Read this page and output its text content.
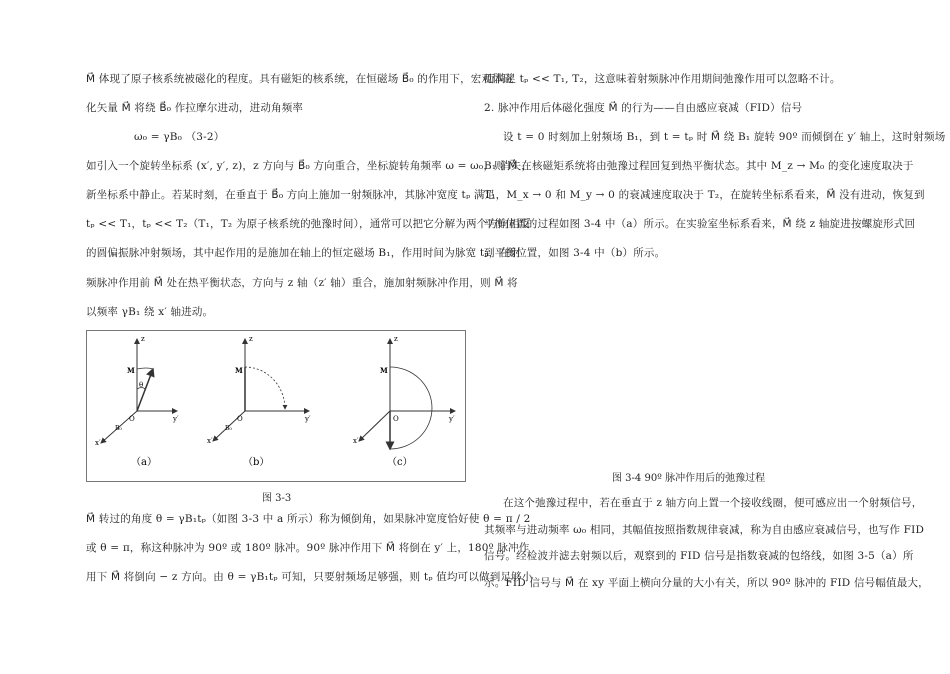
M⃗ 体现了原子核系统被磁化的程度。具有磁矩的核系统，在恒磁场 B⃗₀ 的作用下，宏观体磁
化矢量 M⃗ 将绕 B⃗₀ 作拉摩尔进动，进动角频率
ω₀ = γB₀ （3-2）
如引入一个旋转坐标系 (x′, y′, z)，z 方向与 B⃗₀ 方向重合，坐标旋转角频率 ω = ω₀，则 M⃗ 在
新坐标系中静止。若某时刻，在垂直于 B⃗₀ 方向上施加一射频脉冲，其脉冲宽度 tₚ 满足
tₚ << T₁，tₚ << T₂（T₁，T₂ 为原子核系统的弛豫时间），通常可以把它分解为两个方向相反
的圆偏振脉冲射频场，其中起作用的是施加在轴上的恒定磁场 B₁，作用时间为脉宽 tₚ，在射
频脉冲作用前 M⃗ 处在热平衡状态，方向与 z 轴（z′ 轴）重合，施加射频脉冲作用，则 M⃗ 将
以频率 γB₁ 绕 x′ 轴进动。
z
y′
x′
O
M
θ
B₀
z
y′
x′
O
M
B₀
z
y′
x′
O
M
（a）	（b）	（c）
图 3-3
M⃗ 转过的角度 θ = γB₁tₚ（如图 3-3 中 a 所示）称为倾倒角，如果脉冲宽度恰好使 θ = π / 2
或 θ = π，称这种脉冲为 90º 或 180º 脉冲。90º 脉冲作用下 M⃗ 将倒在 y′ 上，180º 脉冲作
用下 M⃗ 将倒向 − z 方向。由 θ = γB₁tₚ 可知，只要射频场足够强，则 tₚ 值均可以做到足够小
而满足 tₚ << T₁, T₂，这意味着射频脉冲作用期间弛豫作用可以忽略不计。
2. 脉冲作用后体磁化强度 M⃗ 的行为——自由感应衰减（FID）信号
设 t = 0 时刻加上射频场 B₁，到 t = tₚ 时 M⃗ 绕 B₁ 旋转 90º 而倾倒在 y′ 轴上，这时射频场
B₁ 消失，核磁矩系统将由弛豫过程回复到热平衡状态。其中 M_z → M₀ 的变化速度取决于
T₁，M_x → 0 和 M_y → 0 的衰减速度取决于 T₂，在旋转坐标系看来，M⃗ 没有进动，恢复到
平衡位置的过程如图 3-4 中（a）所示。在实验室坐标系看来，M⃗ 绕 z 轴旋进按螺旋形式回
到平衡位置，如图 3-4 中（b）所示。
图 3-4 90º 脉冲作用后的弛豫过程
在这个弛豫过程中，若在垂直于 z 轴方向上置一个接收线圈，便可感应出一个射频信号，
其频率与进动频率 ω₀ 相同，其幅值按照指数规律衰减，称为自由感应衰减信号，也写作 FID
信号。经检波并滤去射频以后，观察到的 FID 信号是指数衰减的包络线，如图 3-5（a）所
示。FID 信号与 M⃗ 在 xy 平面上横向分量的大小有关，所以 90º 脉冲的 FID 信号幅值最大，
